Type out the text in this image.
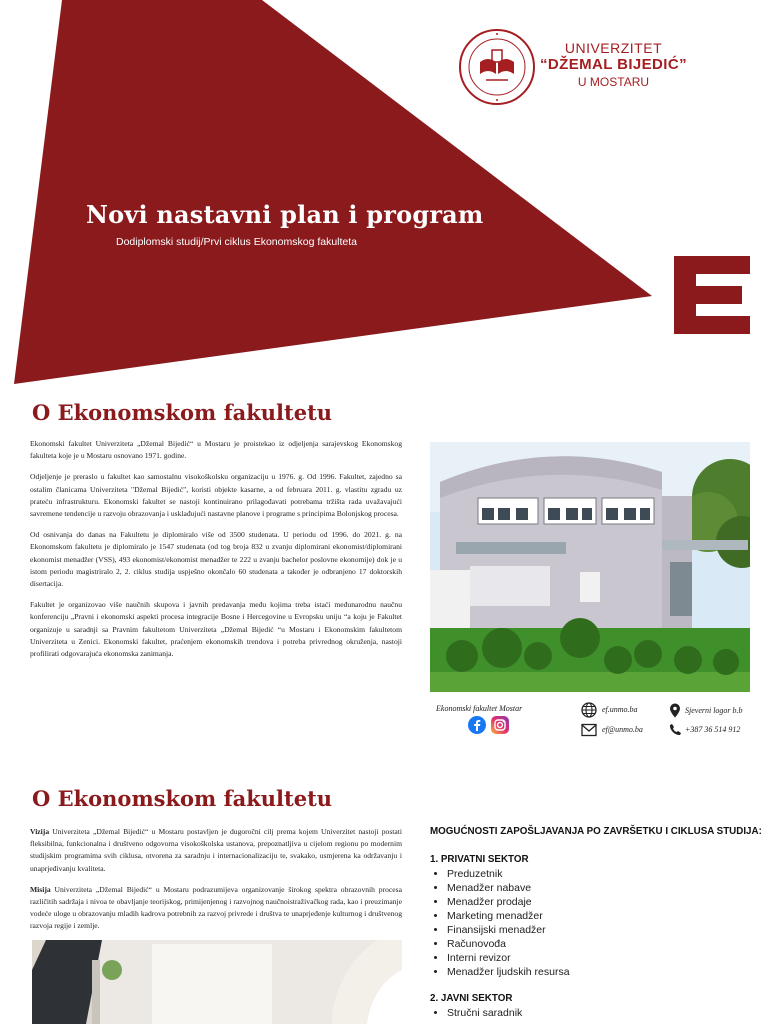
UNIVERZITET
“DŽEMAL BIJEDIĆ”
U MOSTARU
Novi nastavni plan i program
Dodiplomski studij/Prvi ciklus Ekonomskog fakulteta
O Ekonomskom fakultetu

Ekonomski fakultet Univerziteta „Džemal Bijedić“ u Mostaru je proistekao iz odjeljenja sarajevskog Ekonomskog fakulteta koje je u Mostaru osnovano 1971. godine.

Odjeljenje je preraslo u fakultet kao samostalnu visokoškolsku organizaciju u 1976. g. Od 1996. Fakultet, zajedno sa ostalim članicama Univerziteta "Džemal Bijedić", koristi objekte kasarne, a od februara 2011. g. vlastitu zgradu uz prateću infrastrukturu. Ekonomski fakultet se nastoji kontinuirano prilagođavati potrebama tržišta rada uvažavajući savremene tendencije u razvoju obrazovanja i usklađujući nastavne planove i programe s principima Bolonjskog procesa.

Od osnivanja do danas na Fakultetu je diplomiralo više od 3500 studenata. U periodu od 1996. do 2021. g. na Ekonomskom fakultetu je diplomiralo je 1547 studenata (od tog broja 832 u zvanju diplomirani ekonomist/diplomirani ekonomist menadžer (VSS), 493 ekonomist/ekonomist menadžer te 222 u zvanju bachelor poslovne ekonomije) dok je u istom periodu magistriralo 2, 2. ciklus studija uspješno okončalo 60 studenata a također je odbranjeno 17 doktorskih disertacija.

Fakultet je organizovao više naučnih skupova i javnih predavanja među kojima treba istaći međunarodnu naučnu konferenciju „Pravni i ekonomski aspekti procesa integracije Bosne i Hercegovine u Evropsku uniju “a koju je Fakultet organizuje u saradnji sa Pravnim fakultetom Univerziteta „Džemal Bijedić “u Mostaru i Ekonomskim fakultetom Univerziteta u Zenici. Ekonomski fakultet, praćenjem ekonomskih trendova i potreba privrednog okruženja, nastoji profilirati odgovarajuća ekonomska zanimanja.

Ekonomski fakultet Mostar	ef.unmo.ba
ef@unmo.ba
Sjeverni logor b.b
+387 36 514 912
O Ekonomskom fakultetu

Vizija Univerziteta „Džemal Bijedić“ u Mostaru postavljen je dugoročni cilj prema kojem Univerzitet nastoji postati fleksibilna, funkcionalna i društveno odgovorna visokoškolska ustanova, prepoznatljiva u cijelom regionu po modernim studijskim programima svih ciklusa, otvorena za saradnju i internacionalizaciju te, svakako, usmjerena ka održavanju i unaprjeđivanju kvaliteta.

Misija Univerziteta „Džemal Bijedić“ u Mostaru podrazumijeva organizovanje širokog spektra obrazovnih procesa različitih sadržaja i nivoa te obavljanje teorijskog, primijenjenog i razvojnog naučnoistraživačkog rada, kao i preuzimanje vodeće uloge u obrazovanju mladih kadrova potrebnih za razvoj privrede i društva te unaprjeđenje kulturnog i društvenog razvoja regije i zemlje.

MOGUĆNOSTI ZAPOŠLJAVANJA PO ZAVRŠETKU I CIKLUSA STUDIJA:
1. PRIVATNI SEKTOR
• Preduzetnik
• Menadžer nabave
• Menadžer prodaje
• Marketing menadžer
• Finansijski menadžer
• Računovođa
• Interni revizor
• Menadžer ljudskih resursa
2. JAVNI SEKTOR
• Stručni saradnik
